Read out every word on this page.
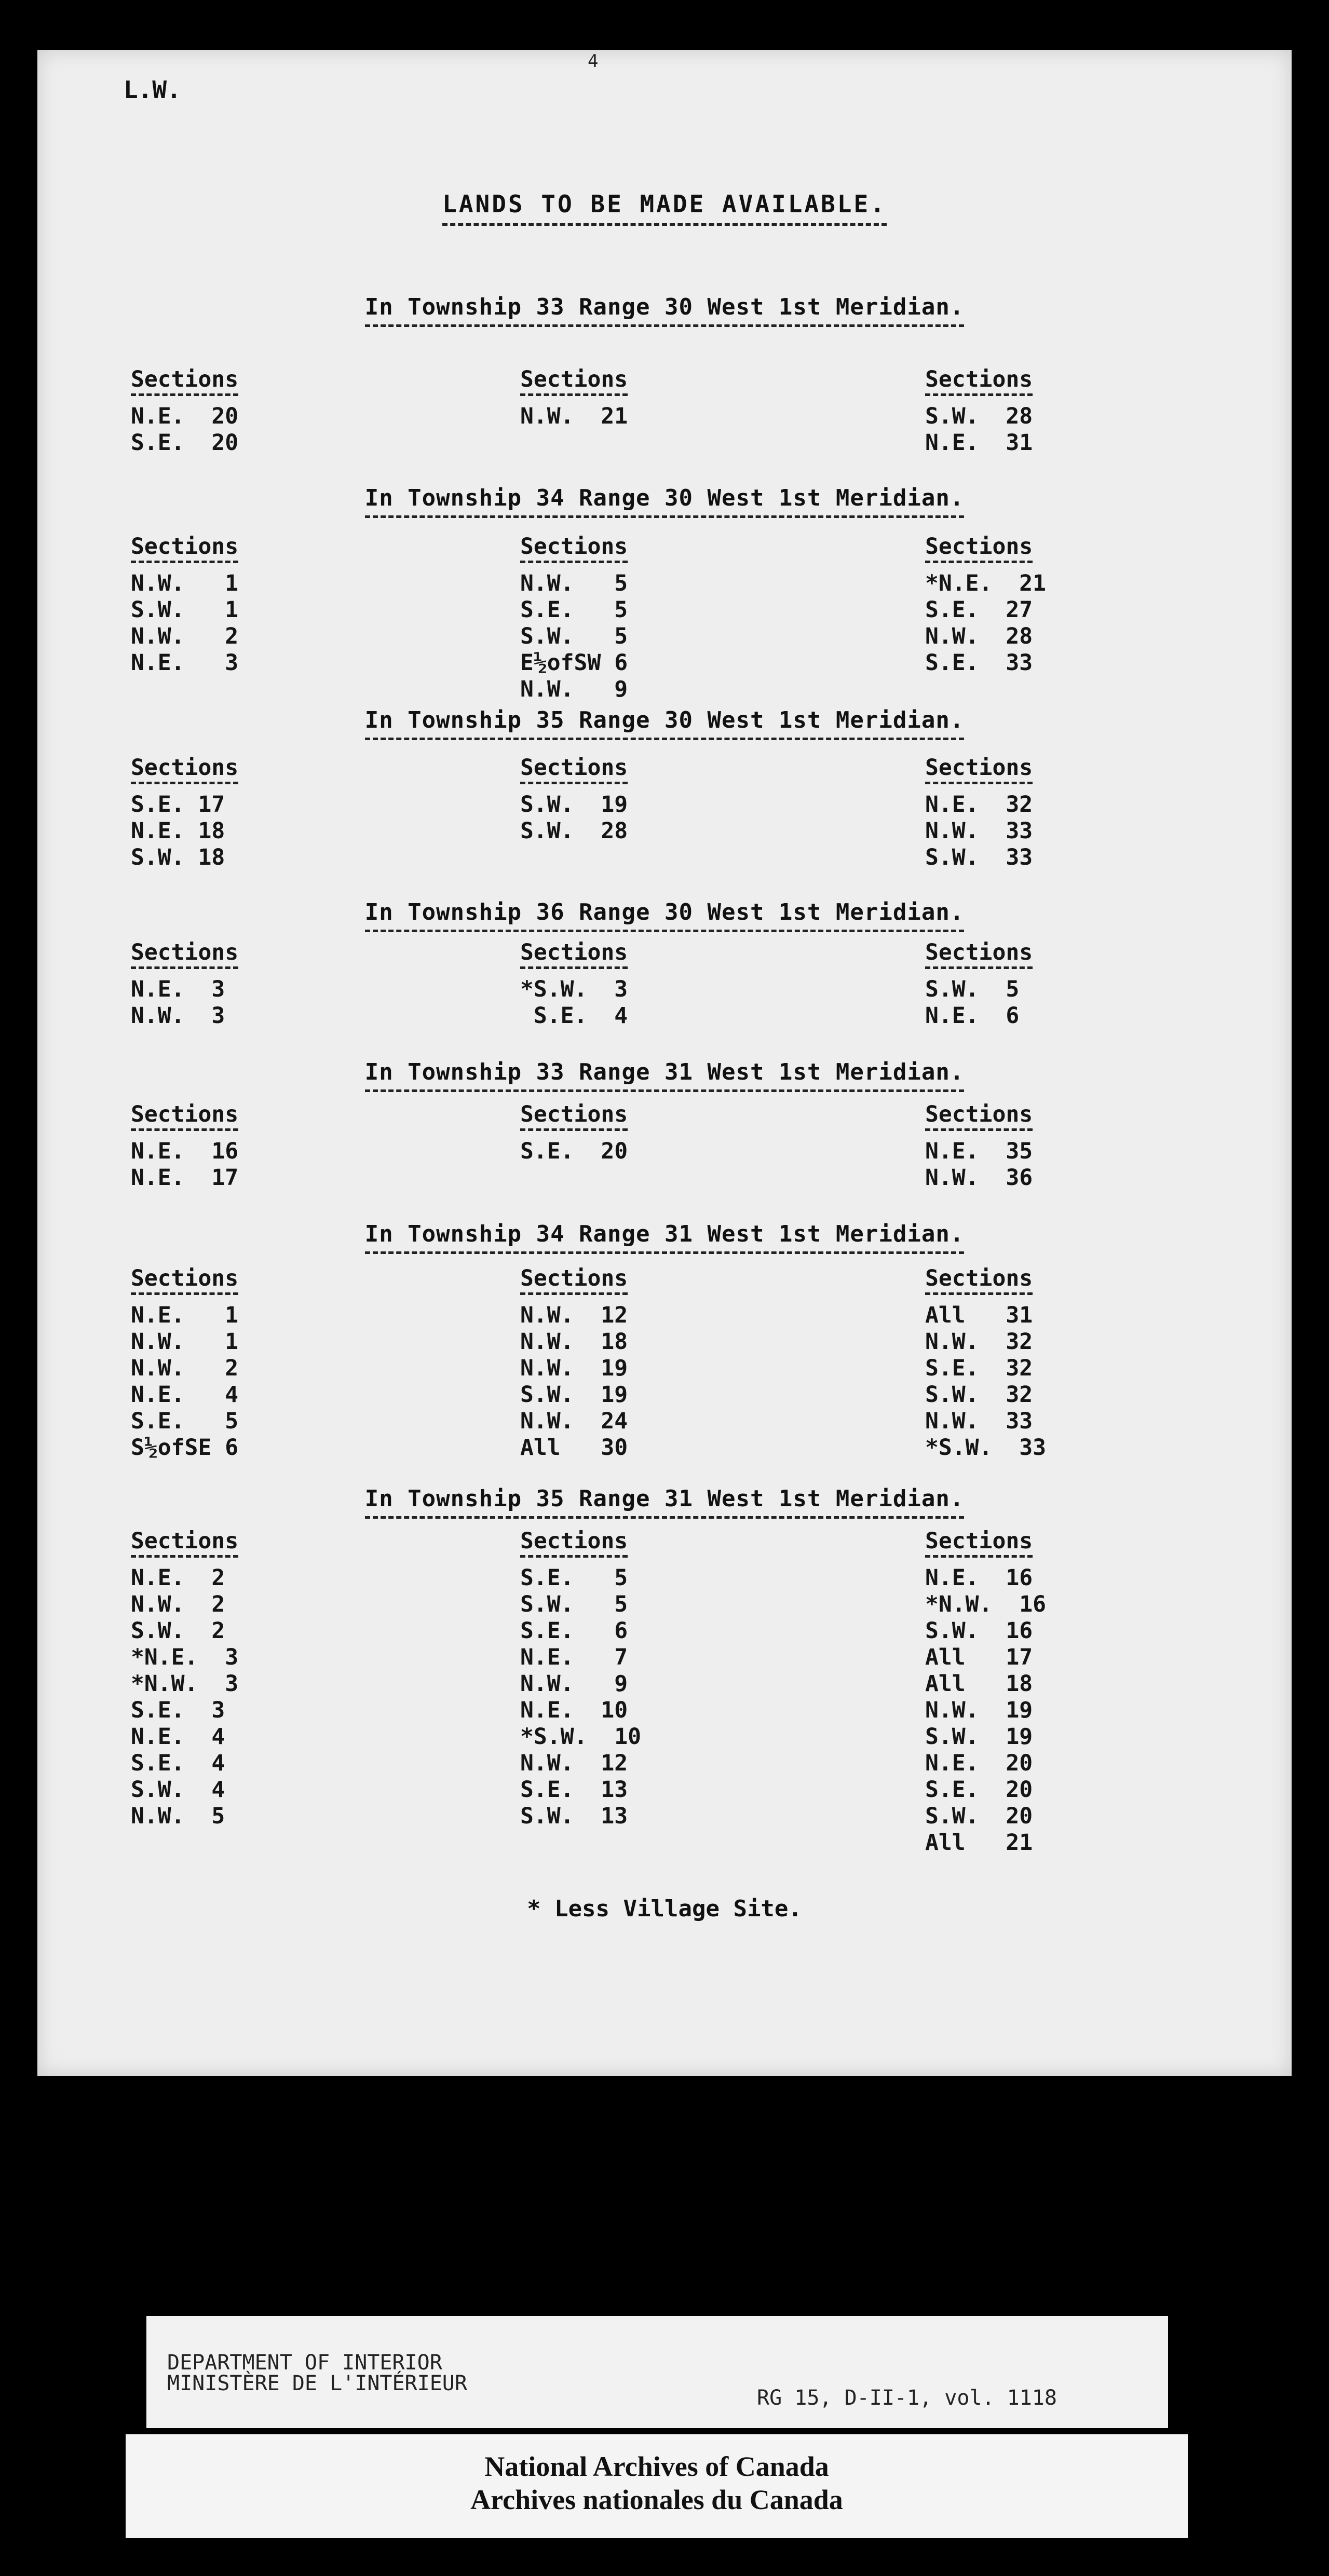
4
L.W.
LANDS TO BE MADE AVAILABLE.
In Township 33 Range 30 West 1st Meridian.
Sections
N.E.  20
S.E.  20
Sections
N.W.  21
Sections
S.W.  28
N.E.  31
In Township 34 Range 30 West 1st Meridian.
Sections
N.W.   1
S.W.   1
N.W.   2
N.E.   3
Sections
N.W.   5
S.E.   5
S.W.   5
E½ofSW 6
N.W.   9
Sections
*N.E.  21
S.E.  27
N.W.  28
S.E.  33
In Township 35 Range 30 West 1st Meridian.
Sections
S.E. 17
N.E. 18
S.W. 18
Sections
S.W.  19
S.W.  28
Sections
N.E.  32
N.W.  33
S.W.  33
In Township 36 Range 30 West 1st Meridian.
Sections
N.E.  3
N.W.  3
Sections
*S.W.  3
S.E.  4
Sections
S.W.  5
N.E.  6
In Township 33 Range 31 West 1st Meridian.
Sections
N.E.  16
N.E.  17
Sections
S.E.  20
Sections
N.E.  35
N.W.  36
In Township 34 Range 31 West 1st Meridian.
Sections
N.E.   1
N.W.   1
N.W.   2
N.E.   4
S.E.   5
S½ofSE 6
Sections
N.W.  12
N.W.  18
N.W.  19
S.W.  19
N.W.  24
All   30
Sections
All   31
N.W.  32
S.E.  32
S.W.  32
N.W.  33
*S.W.  33
In Township 35 Range 31 West 1st Meridian.
Sections
N.E.  2
N.W.  2
S.W.  2
*N.E.  3
*N.W.  3
S.E.  3
N.E.  4
S.E.  4
S.W.  4
N.W.  5
Sections
S.E.   5
S.W.   5
S.E.   6
N.E.   7
N.W.   9
N.E.  10
*S.W.  10
N.W.  12
S.E.  13
S.W.  13
Sections
N.E.  16
*N.W.  16
S.W.  16
All   17
All   18
N.W.  19
S.W.  19
N.E.  20
S.E.  20
S.W.  20
All   21
* Less Village Site.
DEPARTMENT OF INTERIOR
MINISTÈRE DE L'INTÉRIEUR

RG 15, D-II-1, vol. 1118

National Archives of Canada
Archives nationales du Canada
